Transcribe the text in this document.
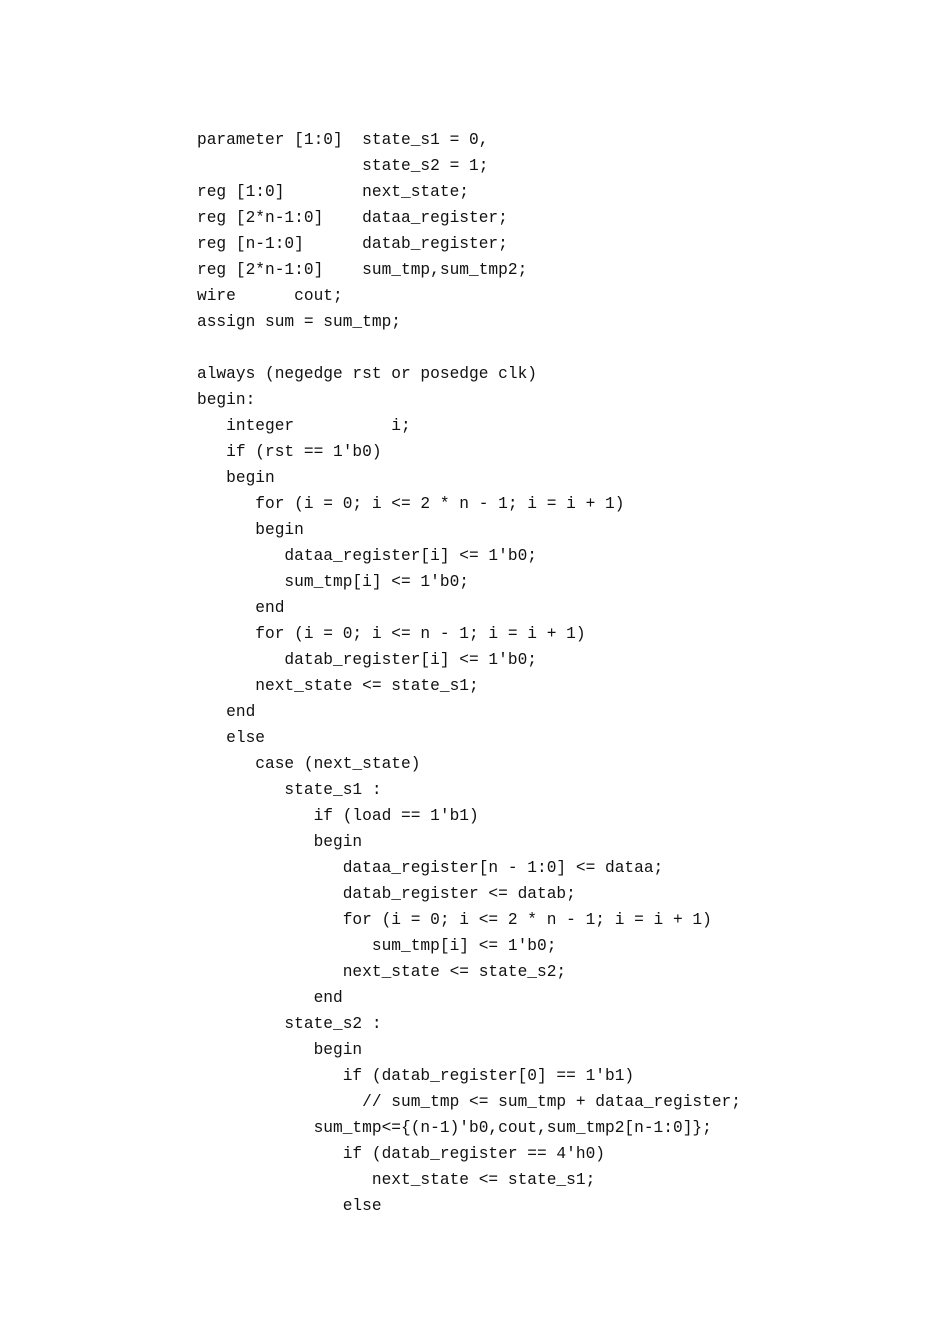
parameter [1:0]  state_s1 = 0,
state_s2 = 1;
reg [1:0]        next_state;
reg [2*n-1:0]    dataa_register;
reg [n-1:0]      datab_register;
reg [2*n-1:0]    sum_tmp,sum_tmp2;
wire      cout;
assign sum = sum_tmp;
always (negedge rst or posedge clk)
begin:
integer          i;
if (rst == 1'b0)
begin
for (i = 0; i <= 2 * n - 1; i = i + 1)
begin
dataa_register[i] <= 1'b0;
sum_tmp[i] <= 1'b0;
end
for (i = 0; i <= n - 1; i = i + 1)
datab_register[i] <= 1'b0;
next_state <= state_s1;
end
else
case (next_state)
state_s1 :
if (load == 1'b1)
begin
dataa_register[n - 1:0] <= dataa;
datab_register <= datab;
for (i = 0; i <= 2 * n - 1; i = i + 1)
sum_tmp[i] <= 1'b0;
next_state <= state_s2;
end
state_s2 :
begin
if (datab_register[0] == 1'b1)
// sum_tmp <= sum_tmp + dataa_register;
sum_tmp<={(n-1)'b0,cout,sum_tmp2[n-1:0]};
if (datab_register == 4'h0)
next_state <= state_s1;
else
